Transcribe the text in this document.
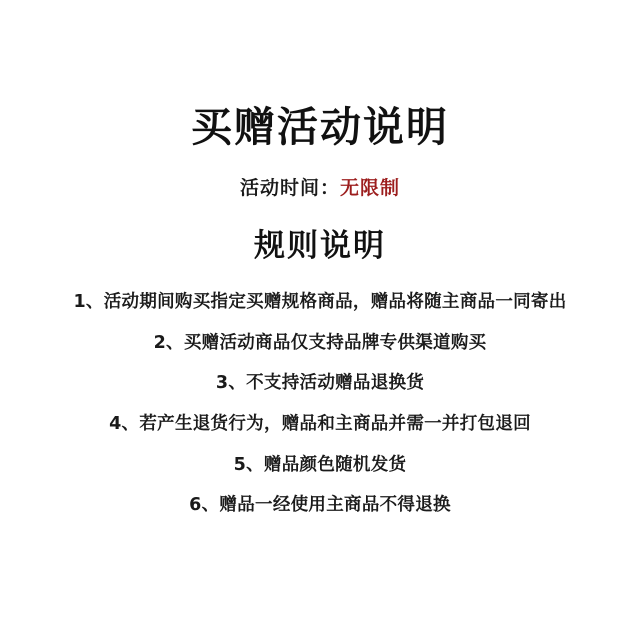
买赠活动说明

活动时间：无限制

规则说明
1、活动期间购买指定买赠规格商品，赠品将随主商品一同寄出
2、买赠活动商品仅支持品牌专供渠道购买
3、不支持活动赠品退换货
4、若产生退货行为，赠品和主商品并需一并打包退回
5、赠品颜色随机发货
6、赠品一经使用主商品不得退换
